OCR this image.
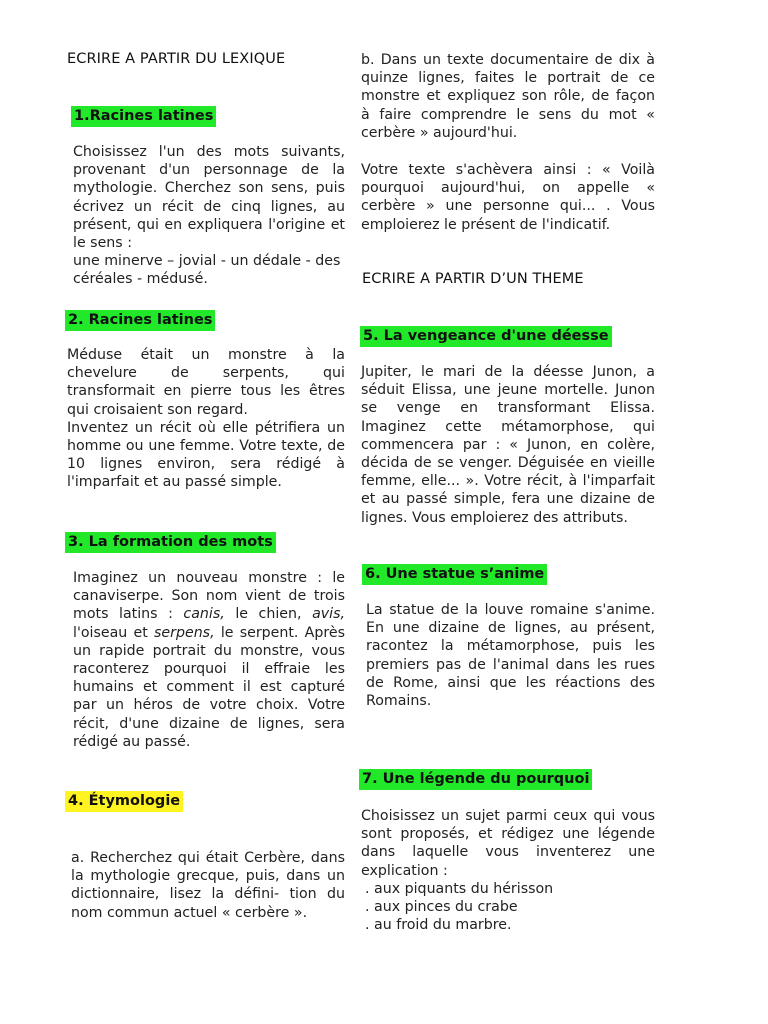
ECRIRE A PARTIR DU LEXIQUE
1.Racines latines

Choisissez l'un des mots suivants, provenant d'un personnage de la mythologie. Cherchez son sens, puis écrivez un récit de cinq lignes, au présent, qui en expliquera l'origine et le sens :
une minerve – jovial - un dédale - des céréales - médusé.

2. Racines latines

Méduse était un monstre à la chevelure de serpents, qui transformait en pierre tous les êtres qui croisaient son regard.
Inventez un récit où elle pétrifiera un homme ou une femme. Votre texte, de 10 lignes environ, sera rédigé à l'imparfait et au passé simple.

3. La formation des mots

Imaginez un nouveau monstre : le canaviserpe. Son nom vient de trois mots latins : canis, le chien, avis, l'oiseau et serpens, le serpent. Après un rapide portrait du monstre, vous raconterez pourquoi il effraie les humains et comment il est capturé par un héros de votre choix. Votre récit, d'une dizaine de lignes, sera rédigé au passé.

4. Étymologie

a. Recherchez qui était Cerbère, dans la mythologie grecque, puis, dans un dictionnaire, lisez la défini- tion du nom commun actuel « cerbère ».

b. Dans un texte documentaire de dix à quinze lignes, faites le portrait de ce monstre et expliquez son rôle, de façon à faire comprendre le sens du mot « cerbère » aujourd'hui.

Votre texte s'achèvera ainsi : « Voilà pourquoi aujourd'hui, on appelle « cerbère » une personne qui... . Vous emploierez le présent de l'indicatif.

ECRIRE A PARTIR D’UN THEME
5. La vengeance d'une déesse

Jupiter, le mari de la déesse Junon, a séduit Elissa, une jeune mortelle. Junon se venge en transformant Elissa. Imaginez cette métamorphose, qui commencera par : « Junon, en colère, décida de se venger. Déguisée en vieille femme, elle... ». Votre récit, à l'imparfait et au passé simple, fera une dizaine de lignes. Vous emploierez des attributs.

6. Une statue s’anime

La statue de la louve romaine s'anime. En une dizaine de lignes, au présent, racontez la métamorphose, puis les premiers pas de l'animal dans les rues de Rome, ainsi que les réactions des Romains.

7. Une légende du pourquoi

Choisissez un sujet parmi ceux qui vous sont proposés, et rédigez une légende dans laquelle vous inventerez une explication :
. aux piquants du hérisson
. aux pinces du crabe
. au froid du marbre.
